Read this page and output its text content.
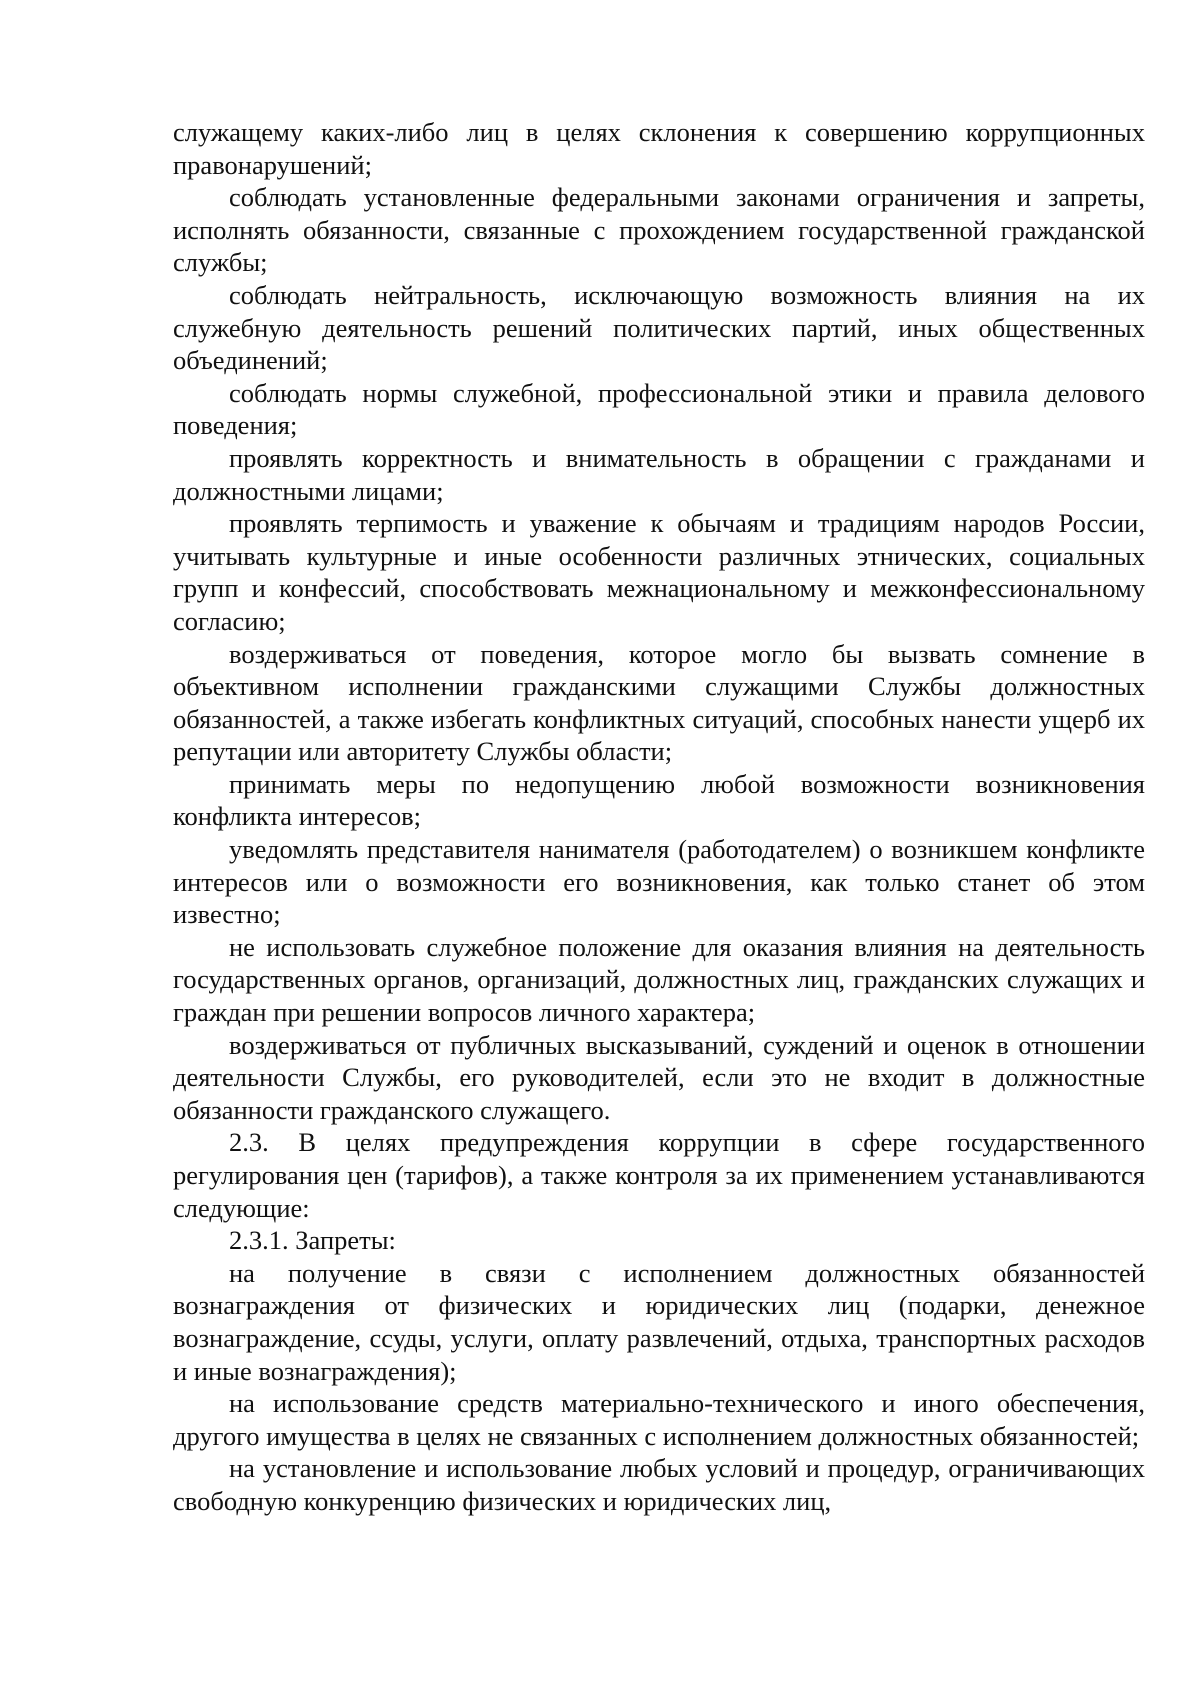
служащему каких-либо лиц в целях склонения к совершению коррупционных правонарушений;

соблюдать установленные федеральными законами ограничения и запреты, исполнять обязанности, связанные с прохождением государственной гражданской службы;

соблюдать нейтральность, исключающую возможность влияния на их служебную деятельность решений политических партий, иных общественных объединений;

соблюдать нормы служебной, профессиональной этики и правила делового поведения;

проявлять корректность и внимательность в обращении с гражданами и должностными лицами;

проявлять терпимость и уважение к обычаям и традициям народов России, учитывать культурные и иные особенности различных этнических, социальных групп и конфессий, способствовать межнациональному и межконфессиональному согласию;

воздерживаться от поведения, которое могло бы вызвать сомнение в объективном исполнении гражданскими служащими Службы должностных обязанностей, а также избегать конфликтных ситуаций, способных нанести ущерб их репутации или авторитету Службы области;

принимать меры по недопущению любой возможности возникновения конфликта интересов;

уведомлять представителя нанимателя (работодателем) о возникшем конфликте интересов или о возможности его возникновения, как только станет об этом известно;

не использовать служебное положение для оказания влияния на деятельность государственных органов, организаций, должностных лиц, гражданских служащих и граждан при решении вопросов личного характера;

воздерживаться от публичных высказываний, суждений и оценок в отношении деятельности Службы, его руководителей, если это не входит в должностные обязанности гражданского служащего.

2.3. В целях предупреждения коррупции в сфере государственного регулирования цен (тарифов), а также контроля за их применением устанавливаются следующие:

2.3.1. Запреты:

на получение в связи с исполнением должностных обязанностей вознаграждения от физических и юридических лиц (подарки, денежное вознаграждение, ссуды, услуги, оплату развлечений, отдыха, транспортных расходов и иные вознаграждения);

на использование средств материально-технического и иного обеспечения, другого имущества в целях не связанных с исполнением должностных обязанностей;

на установление и использование любых условий и процедур, ограничивающих свободную конкуренцию физических и юридических лиц,
